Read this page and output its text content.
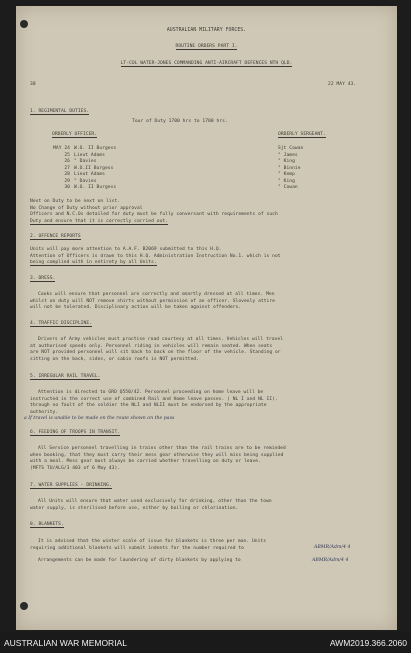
AUSTRALIAN MILITARY FORCES.
ROUTINE ORDERS PART I.
LT-COL WATER-JONES COMMANDING ANTI-AIRCRAFT DEFENCES NTH QLD.
38	22 MAY 43.
1. REGIMENTAL DUTIES.
Tour of Duty 1700 hrs to 1700 hrs.
ORDERLY OFFICER.	ORDERLY SERGEANT.
MAY 24 W.O. II Burgess	Sjt Cowan
25 Lieut Adams	" James
26 " Davies	" King
27 W.O.II Burgess	" Binnie
28 Lieut Adams	" Kemp
29 " Davies	" King
30 W.O. II Burgess	" Cowan
Next on Duty to be next on list.
No Change of Duty without prior approval
Officers and N.C.Os detailed for duty must be fully conversant with requirements of such
Duty and ensure that it is correctly carried out.
2. OFFENCE REPORTS
Units will pay more attention to A.A.F. B2069 submitted to this H.Q.
Attention of Officers is drawn to this H.Q. Administration Instruction No.1. which is not
being complied with in entirety by all Units.
3. DRESS.
Cooks will ensure that personnel are correctly and smartly dressed at all times. Men
whilst on duty will NOT remove shirts without permission of an officer. Slovenly attire
will not be tolerated. Disciplinary action will be taken against offenders.
4. TRAFFIC DISCIPLINE.
Drivers of Army vehicles must practise road courtesy at all times. Vehicles will travel
at authorised speeds only. Personnel riding in vehicles will remain seated. When seats
are NOT provided personnel will sit back to back on the floor of the vehicle. Standing or
sitting on the back, sides, or cabin roofs is NOT permitted.
5. IRREGULAR RAIL TRAVEL.
Attention is directed to GRO Q550/42. Personnel proceeding on home leave will be
instructed in the correct use of combined Rail and Home leave passes. ( NL I and NL II).
through no fault of the soldier the NLI and NLII must be endorsed by the appropriate
authority.
a If travel is unable to be made on the route shown on the pass
6. FEEDING OF TROOPS IN TRANSIT.
All Service personnel travelling in trains other than the rail trains are to be reminded
when booking, that they must carry their mess gear otherwise they will miss being supplied
with a meal. Mess gear must always be carried whether travelling on duty or leave.
(MFTS TU/ALG/3 403 of 6 May 43).
7. WATER SUPPLIES - DRINKING.
All Units will ensure that water used exclusively for drinking, other than the town
water supply, is sterilised before use, either by boiling or chlorination.
8. BLANKETS.
It is advised that the winter scale of issue for blankets is three per man. Units
requiring additional blankets will submit indents for the number required to	ABMR/Adm/4 4
Arrangements can be made for laundering of dirty blankets by applying to	ABMR/Adm/4 4
AUSTRALIAN WAR MEMORIAL	AWM2019.366.2060
